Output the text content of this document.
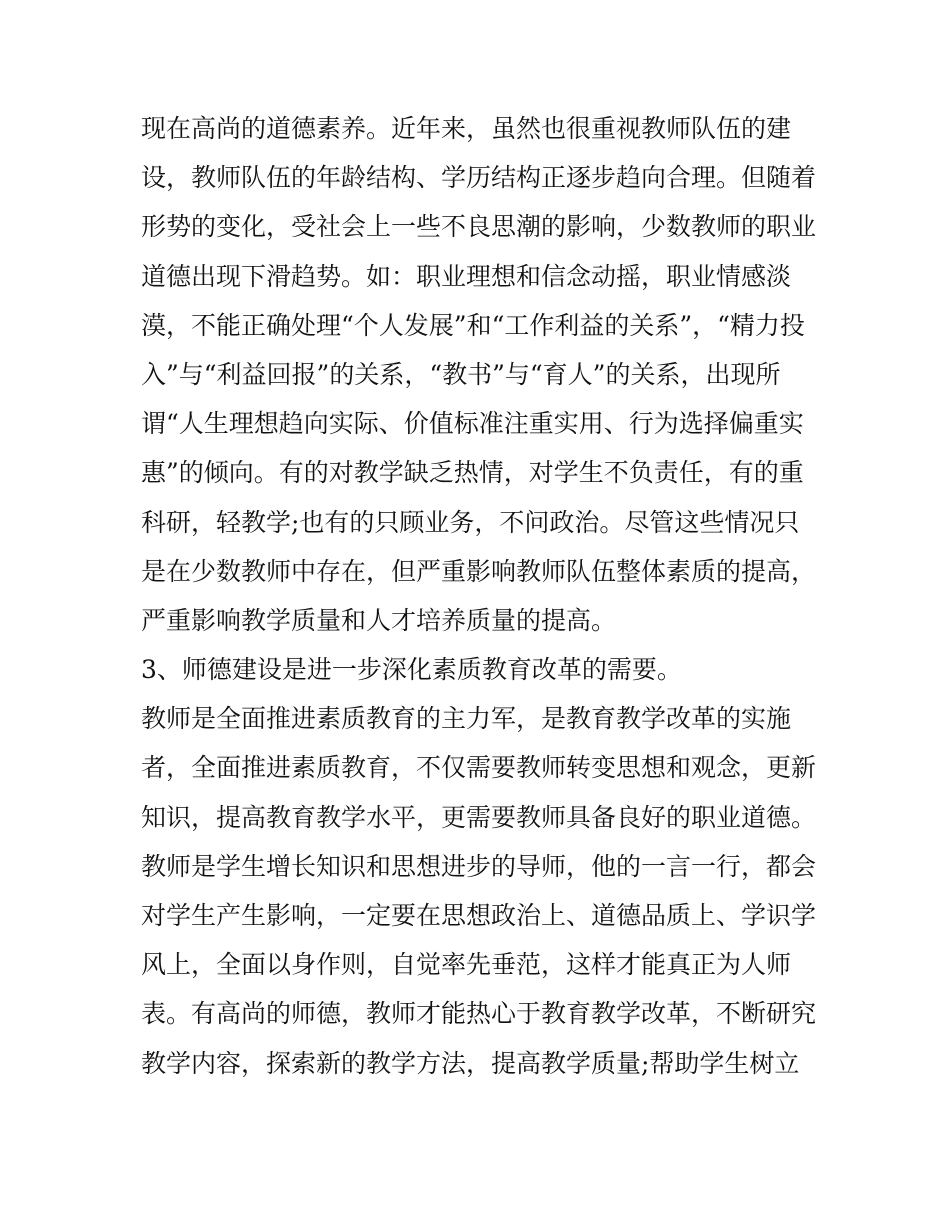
现在高尚的道德素养。近年来，虽然也很重视教师队伍的建
设，教师队伍的年龄结构、学历结构正逐步趋向合理。但随着
形势的变化，受社会上一些不良思潮的影响，少数教师的职业
道德出现下滑趋势。如：职业理想和信念动摇，职业情感淡
漠，不能正确处理“个人发展”和“工作利益的关系”，“精力投
入”与“利益回报”的关系，“教书”与“育人”的关系，出现所
谓“人生理想趋向实际、价值标准注重实用、行为选择偏重实
惠”的倾向。有的对教学缺乏热情，对学生不负责任，有的重
科研，轻教学;也有的只顾业务，不问政治。尽管这些情况只
是在少数教师中存在，但严重影响教师队伍整体素质的提高，
严重影响教学质量和人才培养质量的提高。
3、师德建设是进一步深化素质教育改革的需要。
教师是全面推进素质教育的主力军，是教育教学改革的实施
者，全面推进素质教育，不仅需要教师转变思想和观念，更新
知识，提高教育教学水平，更需要教师具备良好的职业道德。
教师是学生增长知识和思想进步的导师，他的一言一行，都会
对学生产生影响，一定要在思想政治上、道德品质上、学识学
风上，全面以身作则，自觉率先垂范，这样才能真正为人师
表。有高尚的师德，教师才能热心于教育教学改革，不断研究
教学内容，探索新的教学方法，提高教学质量;帮助学生树立
